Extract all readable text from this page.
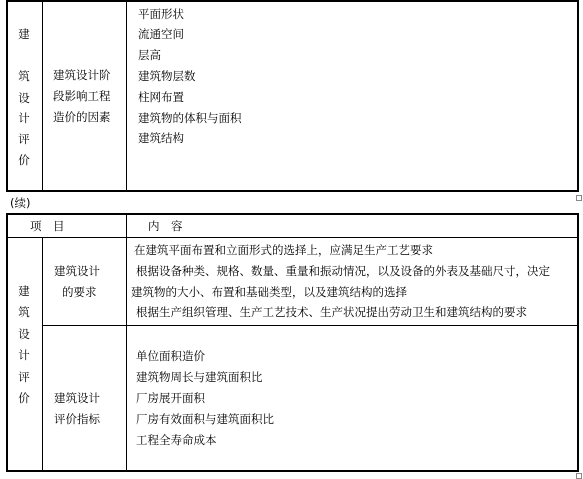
建
筑
设
计
评
价
建筑设计阶
段影响工程
造价的因素
平面形状
流通空间
层高
建筑物层数
柱网布置
建筑物的体积与面积
建筑结构
(续)
项　目	内　容
建
筑
设
计
评
价
建筑设计
的要求
在建筑平面布置和立面形式的选择上，应满足生产工艺要求
根据设备种类、规格、数量、重量和振动情况，以及设备的外表及基础尺寸，决定
建筑物的大小、布置和基础类型，以及建筑结构的选择
根据生产组织管理、生产工艺技术、生产状况提出劳动卫生和建筑结构的要求
建筑设计
评价指标
单位面积造价
建筑物周长与建筑面积比
厂房展开面积
厂房有效面积与建筑面积比
工程全寿命成本
